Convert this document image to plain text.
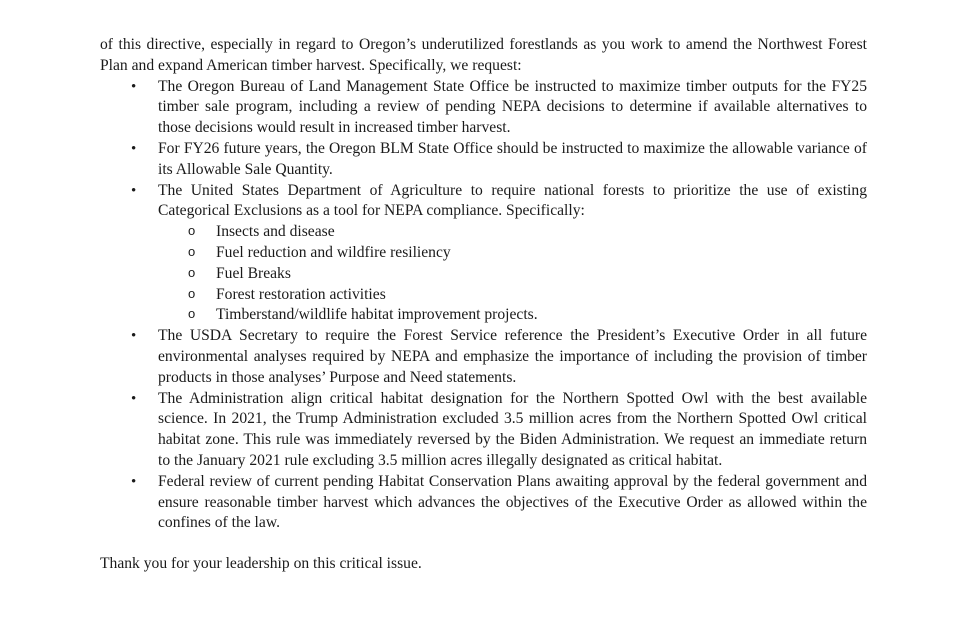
of this directive, especially in regard to Oregon’s underutilized forestlands as you work to amend the Northwest Forest Plan and expand American timber harvest. Specifically, we request:

• The Oregon Bureau of Land Management State Office be instructed to maximize timber outputs for the FY25 timber sale program, including a review of pending NEPA decisions to determine if available alternatives to those decisions would result in increased timber harvest.
• For FY26 future years, the Oregon BLM State Office should be instructed to maximize the allowable variance of its Allowable Sale Quantity.
• The United States Department of Agriculture to require national forests to prioritize the use of existing Categorical Exclusions as a tool for NEPA compliance. Specifically:
o Insects and disease
o Fuel reduction and wildfire resiliency
o Fuel Breaks
o Forest restoration activities
o Timberstand/wildlife habitat improvement projects.
• The USDA Secretary to require the Forest Service reference the President’s Executive Order in all future environmental analyses required by NEPA and emphasize the importance of including the provision of timber products in those analyses’ Purpose and Need statements.
• The Administration align critical habitat designation for the Northern Spotted Owl with the best available science. In 2021, the Trump Administration excluded 3.5 million acres from the Northern Spotted Owl critical habitat zone. This rule was immediately reversed by the Biden Administration. We request an immediate return to the January 2021 rule excluding 3.5 million acres illegally designated as critical habitat.
• Federal review of current pending Habitat Conservation Plans awaiting approval by the federal government and ensure reasonable timber harvest which advances the objectives of the Executive Order as allowed within the confines of the law.

Thank you for your leadership on this critical issue.
